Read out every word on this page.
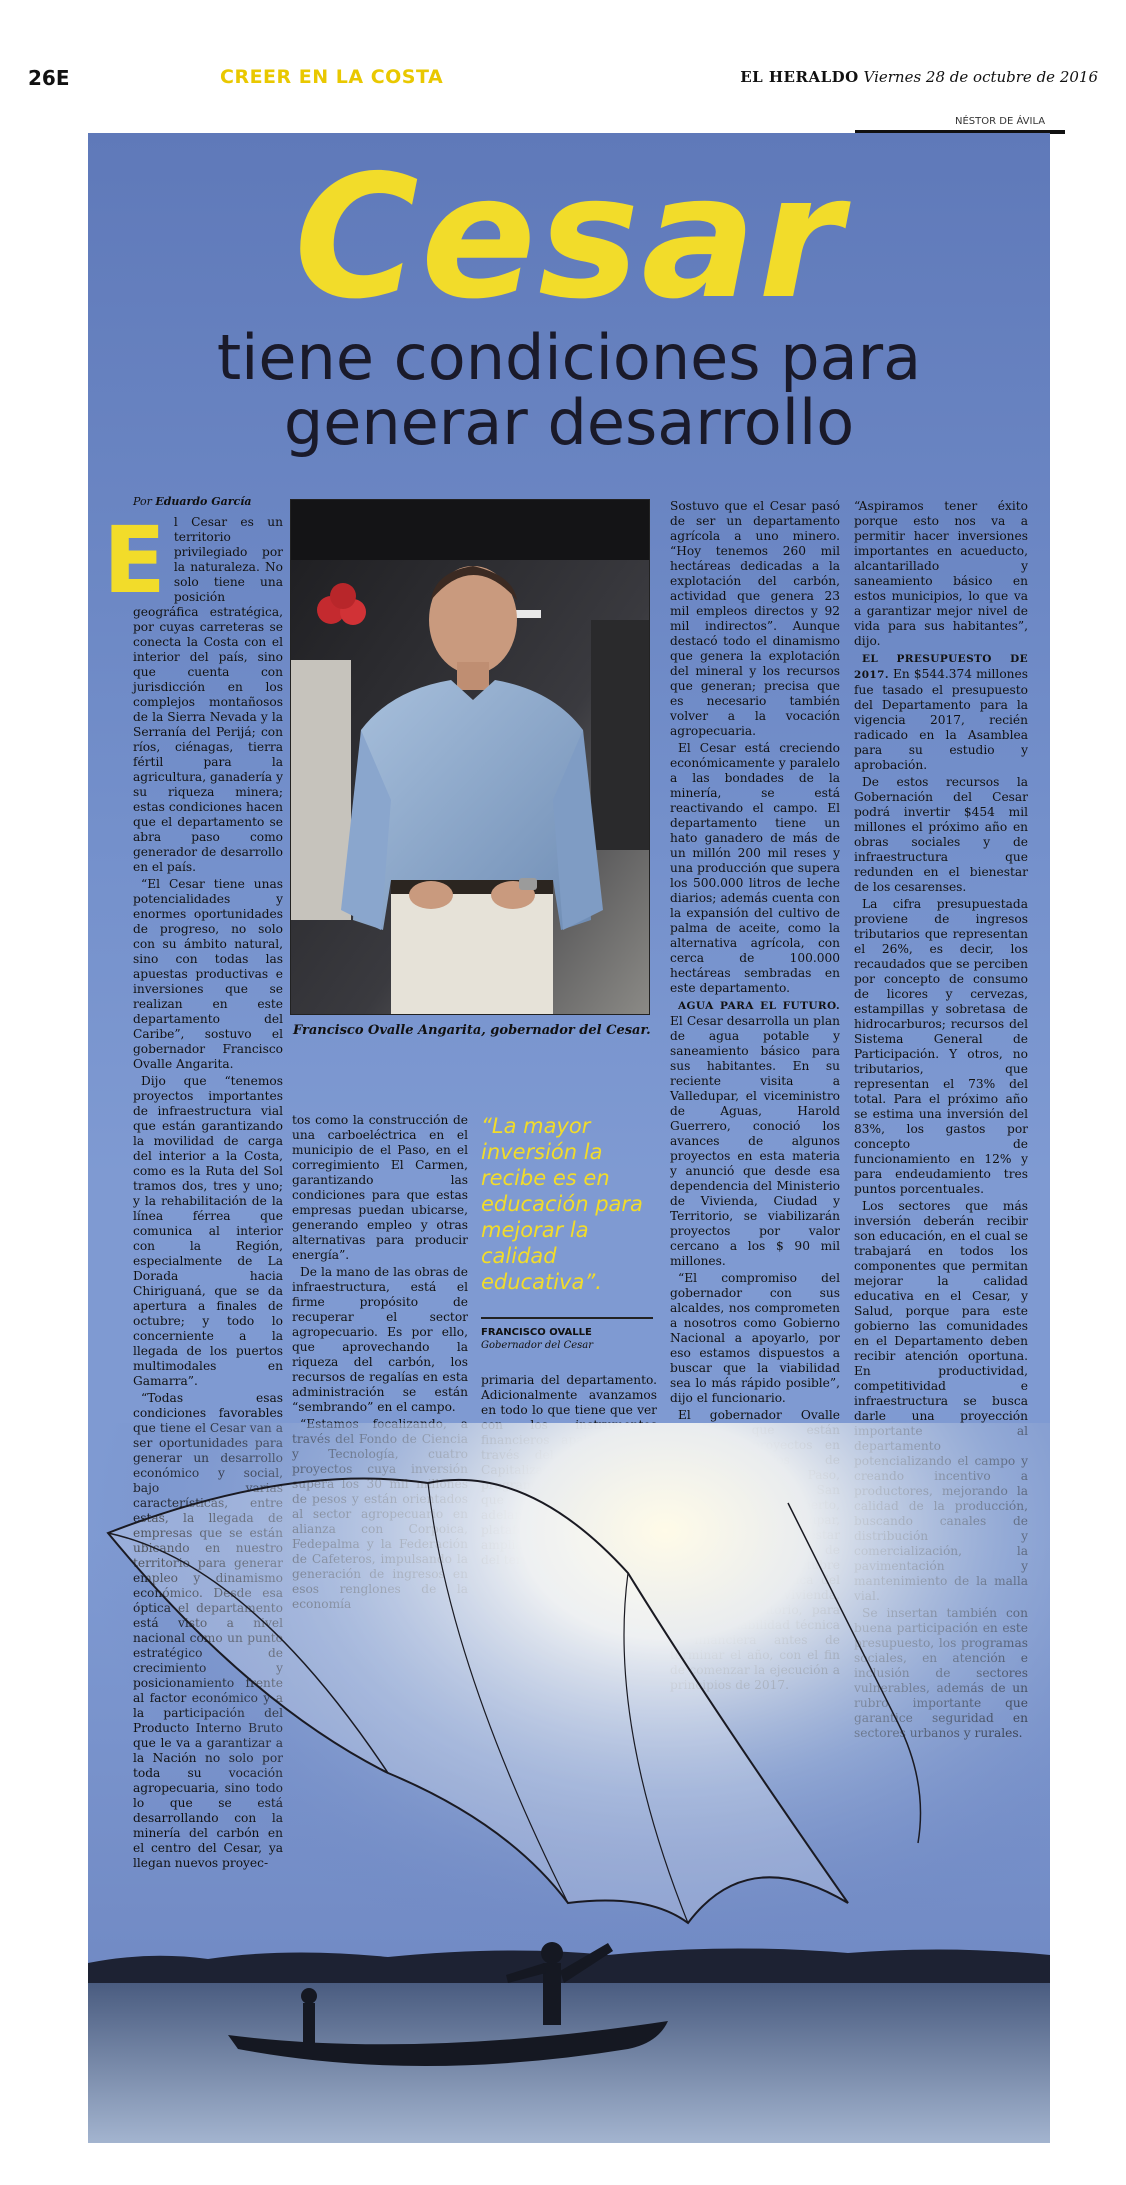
26E	CREER EN LA COSTA	EL HERALDO Viernes 28 de octubre de 2016
NÉSTOR DE ÁVILA
Cesar
tiene condiciones para
generar desarrollo
Por Eduardo García

El Cesar es un territorio privilegiado por la naturaleza. No solo tiene una posición geográfica estratégica, por cuyas carreteras se conecta la Costa con el interior del país, sino que cuenta con jurisdicción en los complejos montañosos de la Sierra Nevada y la Serranía del Perijá; con ríos, ciénagas, tierra fértil para la agricultura, ganadería y su riqueza minera; estas condiciones hacen que el departamento se abra paso como generador de desarrollo en el país.

“El Cesar tiene unas potencialidades y enormes oportunidades de progreso, no solo con su ámbito natural, sino con todas las apuestas productivas e inversiones que se realizan en este departamento del Caribe”, sostuvo el gobernador Francisco Ovalle Angarita.

Dijo que “tenemos proyectos importantes de infraestructura vial que están garantizando la movilidad de carga del interior a la Costa, como es la Ruta del Sol tramos dos, tres y uno; y la rehabilitación de la línea férrea que comunica al interior con la Región, especialmente de La Dorada hacia Chiriguaná, que se da apertura a finales de octubre; y todo lo concerniente a la llegada de los puertos multimodales en Gamarra”.

“Todas esas condiciones favorables

Francisco Ovalle Angarita, gobernador del Cesar.

tos como la construcción de una carboeléctrica en el municipio de el Paso, en el corregimiento El Carmen, garantizando las condiciones para que estas empresas puedan ubicarse, generando empleo y otras alternativas para producir energía”.

De la mano de las obras de infraestructura, está el firme propósito de recuperar el sector agropecuario. Es por ello, que aprovechando la riqueza del carbón, los recursos de regalías en esta administración se están “sembrando” en el campo.

“La mayor inversión la recibe es en educación para mejorar la calidad educativa”.
FRANCISCO OVALLE
Gobernador del Cesar

primaria del departamento. Adicionalmente avanzamos en todo lo que tiene que ver

Sostuvo que el Cesar pasó de ser un departamento agrícola a uno minero. “Hoy tenemos 260 mil hectáreas dedicadas a la explotación del carbón, actividad que genera 23 mil empleos directos y 92 mil indirectos”. Aunque destacó todo el dinamismo que genera la explotación del mineral y los recursos que generan; precisa que es necesario también volver a la vocación agropecuaria.

El Cesar está creciendo económicamente y paralelo a las bondades de la minería, se está reactivando el campo. El departamento tiene un hato ganadero de más de un millón 200 mil reses y una producción que supera los 500.000 litros de leche diarios; además cuenta con la expansión del cultivo de palma de aceite, como la alternativa agrícola, con cerca de 100.000 hectáreas sembradas en este departamento.

AGUA PARA EL FUTURO. El Cesar desarrolla un plan de agua potable y saneamiento básico para sus habitantes. En su reciente visita a Valledupar, el viceministro de Aguas, Harold Guerrero, conoció los avances de algunos proyectos en esta materia y anunció que desde esa dependencia del Ministerio de Vivienda, Ciudad y Territorio, se viabilizarán proyectos por valor cercano a los $ 90 mil millones.

“El compromiso del gobernador con sus alcaldes, nos comprometen a nosotros como Gobierno Nacional a apoyarlo, por eso estamos dispuestos a buscar que la viabilidad sea lo más rápido posible”, dijo el funcionario.

El gobernador Ovalle

“Aspiramos tener éxito porque esto nos va a permitir hacer inversiones importantes en acueducto, alcantarillado y saneamiento básico en estos municipios, lo que va a garantizar mejor nivel de vida para sus habitantes”, dijo.

EL PRESUPUESTO DE 2017. En $544.374 millones fue tasado el presupuesto del Departamento para la vigencia 2017, recién radicado en la Asamblea para su estudio y aprobación.

De estos recursos la Gobernación del Cesar podrá invertir $454 mil millones el próximo año en obras sociales y de infraestructura que redunden en el bienestar de los cesarenses.

La cifra presupuestada proviene de ingresos tributarios que representan el 26%, es decir, los recaudados que se perciben por concepto de consumo de licores y cervezas, estampillas y sobretasa de hidrocarburos; recursos del Sistema General de Participación. Y otros, no tributarios, que representan el 73% del total. Para el próximo año se estima una inversión del 83%, los gastos por concepto de funcionamiento en 12% y para endeudamiento tres puntos porcentuales.

Los sectores que más inversión deberán recibir son educación, en el cual se trabajará en todos los componentes que permitan mejorar la calidad educativa en el Cesar, y Salud, porque para este gobierno las comunidades en el Departamento deben recibir atención oportuna. En productividad, competitividad e infraestructura se busca darle una proyección
